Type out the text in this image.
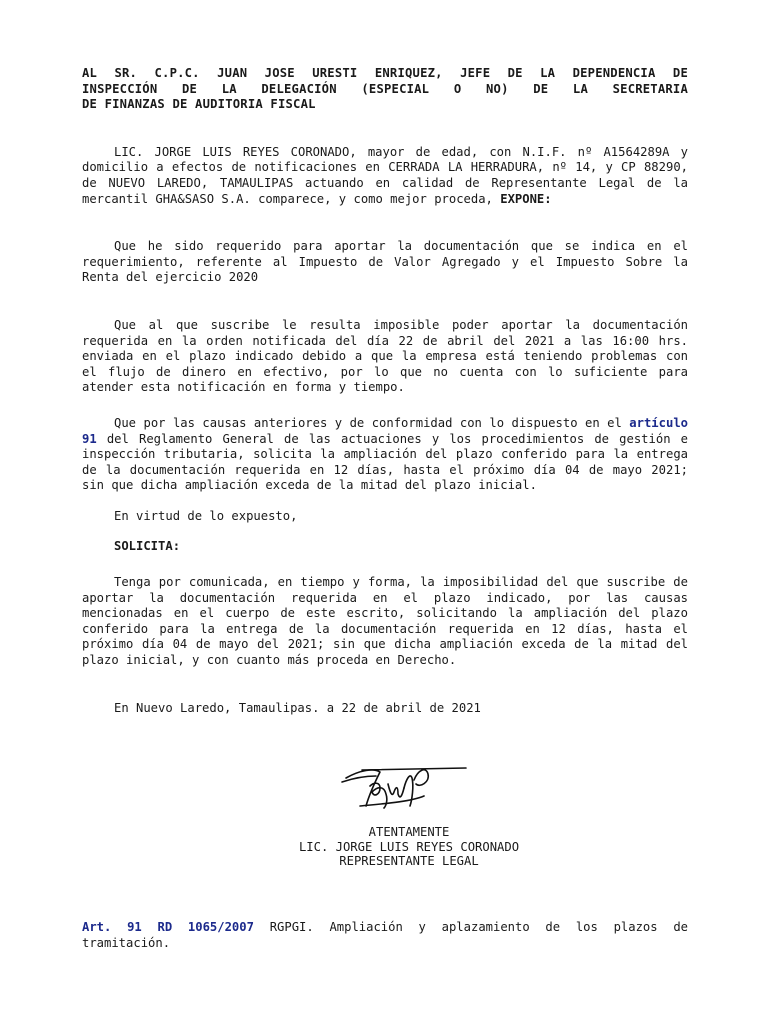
AL SR. C.P.C. JUAN JOSE URESTI ENRIQUEZ, JEFE DE LA DEPENDENCIA DE
INSPECCIÓN DE LA DELEGACIÓN (ESPECIAL O NO) DE LA SECRETARIA
DE FINANZAS DE AUDITORIA FISCAL

LIC. JORGE LUIS REYES CORONADO, mayor de edad, con N.I.F. nº A1564289A y domicilio a efectos de notificaciones en CERRADA LA HERRADURA, nº 14, y CP 88290, de NUEVO LAREDO, TAMAULIPAS actuando en calidad de Representante Legal de la mercantil GHA&SASO S.A. comparece, y como mejor proceda, EXPONE:

Que he sido requerido para aportar la documentación que se indica en el requerimiento, referente al Impuesto de Valor Agregado y el Impuesto Sobre la Renta del ejercicio 2020

Que al que suscribe le resulta imposible poder aportar la documentación requerida en la orden notificada del día 22 de abril del 2021 a las 16:00 hrs. enviada en el plazo indicado debido a que la empresa está teniendo problemas con el flujo de dinero en efectivo, por lo que no cuenta con lo suficiente para atender esta notificación en forma y tiempo.

Que por las causas anteriores y de conformidad con lo dispuesto en el artículo 91 del Reglamento General de las actuaciones y los procedimientos de gestión e inspección tributaria, solicita la ampliación del plazo conferido para la entrega de la documentación requerida en 12 días, hasta el próximo día 04 de mayo 2021; sin que dicha ampliación exceda de la mitad del plazo inicial.

En virtud de lo expuesto,

SOLICITA:

Tenga por comunicada, en tiempo y forma, la imposibilidad del que suscribe de aportar la documentación requerida en el plazo indicado, por las causas mencionadas en el cuerpo de este escrito, solicitando la ampliación del plazo conferido para la entrega de la documentación requerida en 12 días, hasta el próximo día 04 de mayo del 2021; sin que dicha ampliación exceda de la mitad del plazo inicial, y con cuanto más proceda en Derecho.

En Nuevo Laredo, Tamaulipas. a 22 de abril de 2021

ATENTAMENTE
LIC. JORGE LUIS REYES CORONADO
REPRESENTANTE LEGAL

Art. 91 RD 1065/2007 RGPGI. Ampliación y aplazamiento de los plazos de tramitación.
